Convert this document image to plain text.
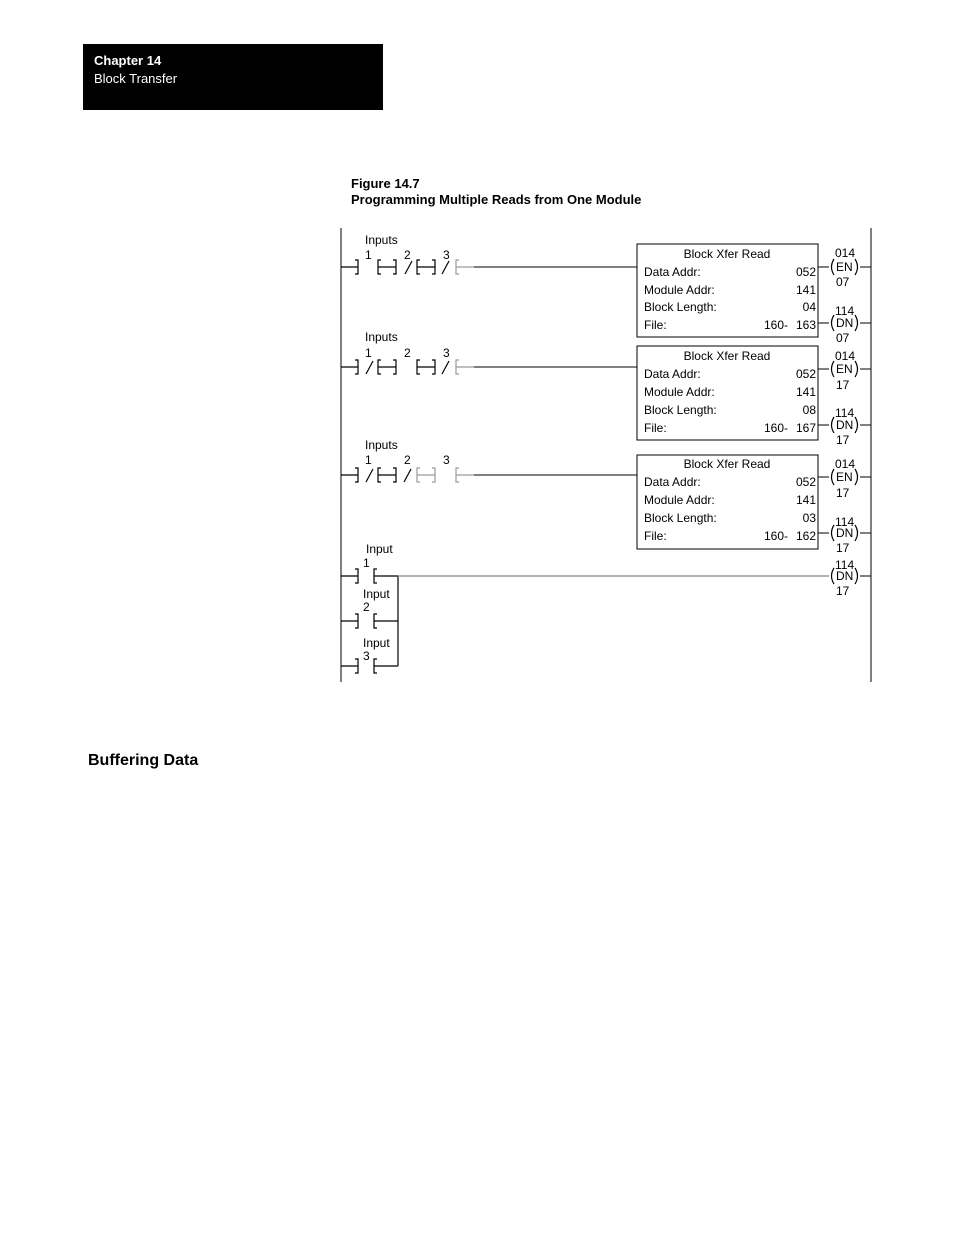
Chapter 14
Block Transfer
Figure 14.7
Programming Multiple Reads from One Module
Inputs
1	2	3	Block Xfer Read
Data Addr:	052
Module Addr:	141
Block Length:	04
File:	160- 163
014
EN
07
114
DN
07
Inputs
1	2	3	Block Xfer Read
Data Addr:	052
Module Addr:	141
Block Length:	08
File:	160- 167
014
EN
17
114
DN
17
Inputs
1	2	3	Block Xfer Read
Data Addr:	052
Module Addr:	141
Block Length:	03
File:	160- 162
014
EN
17
114
DN
17
Input
1
Input
2
Input
3
114
DN
17
Buffering Data
